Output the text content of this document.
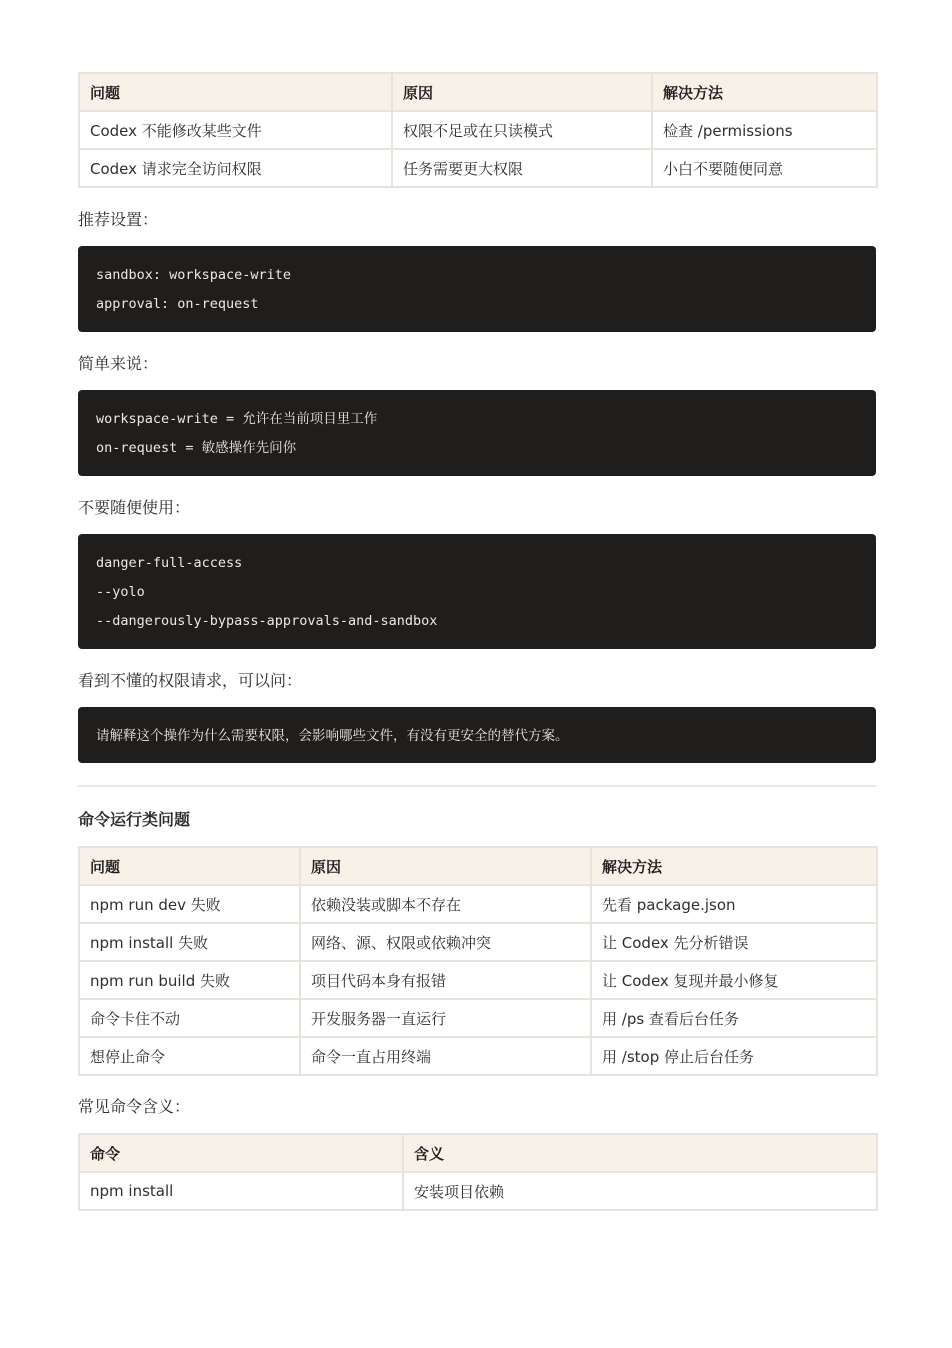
问题	原因	解决方法
Codex 不能修改某些文件	权限不足或在只读模式	检查 /permissions
Codex 请求完全访问权限	任务需要更大权限	小白不要随便同意
推荐设置：
sandbox: workspace-write
approval: on-request
简单来说：
workspace-write = 允许在当前项目里工作
on-request = 敏感操作先问你
不要随便使用：
danger-full-access
--yolo
--dangerously-bypass-approvals-and-sandbox
看到不懂的权限请求，可以问：
请解释这个操作为什么需要权限，会影响哪些文件，有没有更安全的替代方案。
命令运行类问题
问题	原因	解决方法
npm run dev 失败	依赖没装或脚本不存在	先看 package.json
npm install 失败	网络、源、权限或依赖冲突	让 Codex 先分析错误
npm run build 失败	项目代码本身有报错	让 Codex 复现并最小修复
命令卡住不动	开发服务器一直运行	用 /ps 查看后台任务
想停止命令	命令一直占用终端	用 /stop 停止后台任务
常见命令含义：
命令	含义
npm install	安装项目依赖
